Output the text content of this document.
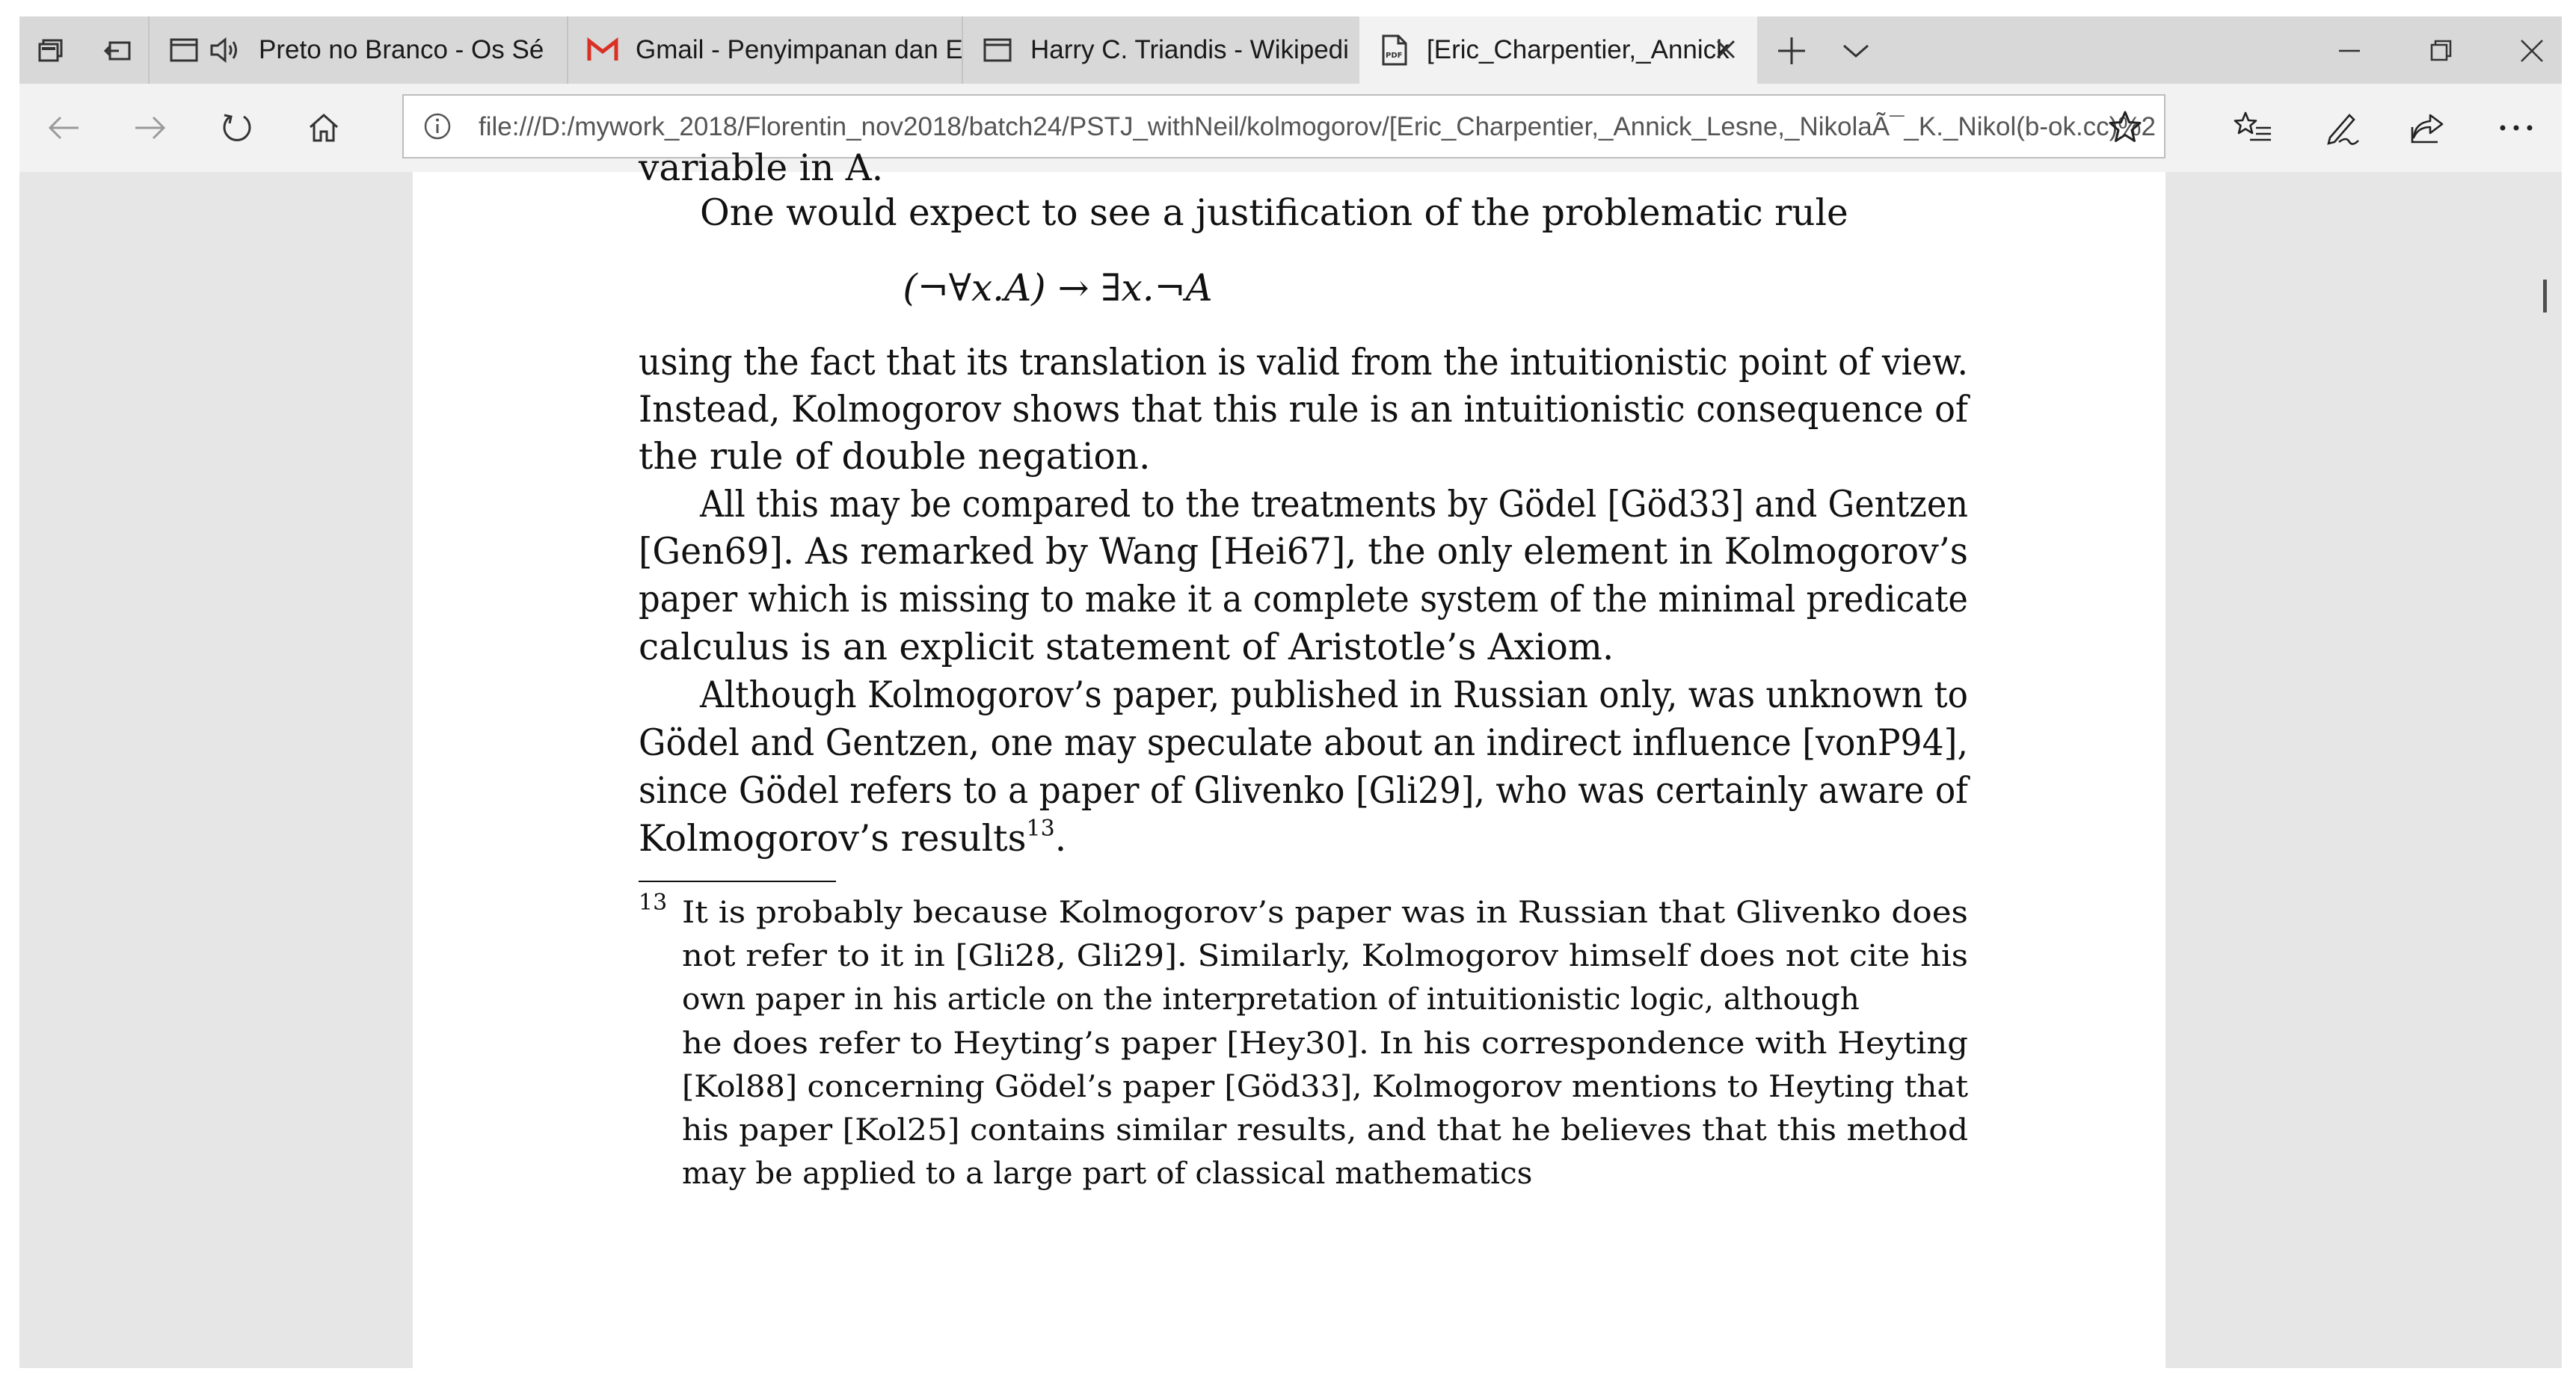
Preto no Branco - Os Sé	Gmail - Penyimpanan dan E	Harry C. Triandis - Wikipedi	PDF [Eric_Charpentier,_Annick
file:///D:/mywork_2018/Florentin_nov2018/batch24/PSTJ_withNeil/kolmogorov/[Eric_Charpentier,_Annick_Lesne,_NikolaÃ¯_K._Nikol(b-ok.cc)%2
variable in A.
One would expect to see a justification of the problematic rule
(¬∀x.A) → ∃x.¬A
using the fact that its translation is valid from the intuitionistic point of view.
Instead, Kolmogorov shows that this rule is an intuitionistic consequence of
the rule of double negation.
All this may be compared to the treatments by Gödel [Göd33] and Gentzen
[Gen69]. As remarked by Wang [Hei67], the only element in Kolmogorov’s
paper which is missing to make it a complete system of the minimal predicate
calculus is an explicit statement of Aristotle’s Axiom.
Although Kolmogorov’s paper, published in Russian only, was unknown to
Gödel and Gentzen, one may speculate about an indirect influence [vonP94],
since Gödel refers to a paper of Glivenko [Gli29], who was certainly aware of
Kolmogorov’s results$^{13}$.
13 It is probably because Kolmogorov’s paper was in Russian that Glivenko does
not refer to it in [Gli28, Gli29]. Similarly, Kolmogorov himself does not cite his
own paper in his article on the interpretation of intuitionistic logic, although
he does refer to Heyting’s paper [Hey30]. In his correspondence with Heyting
[Kol88] concerning Gödel’s paper [Göd33], Kolmogorov mentions to Heyting that
his paper [Kol25] contains similar results, and that he believes that this method
may be applied to a large part of classical mathematics
